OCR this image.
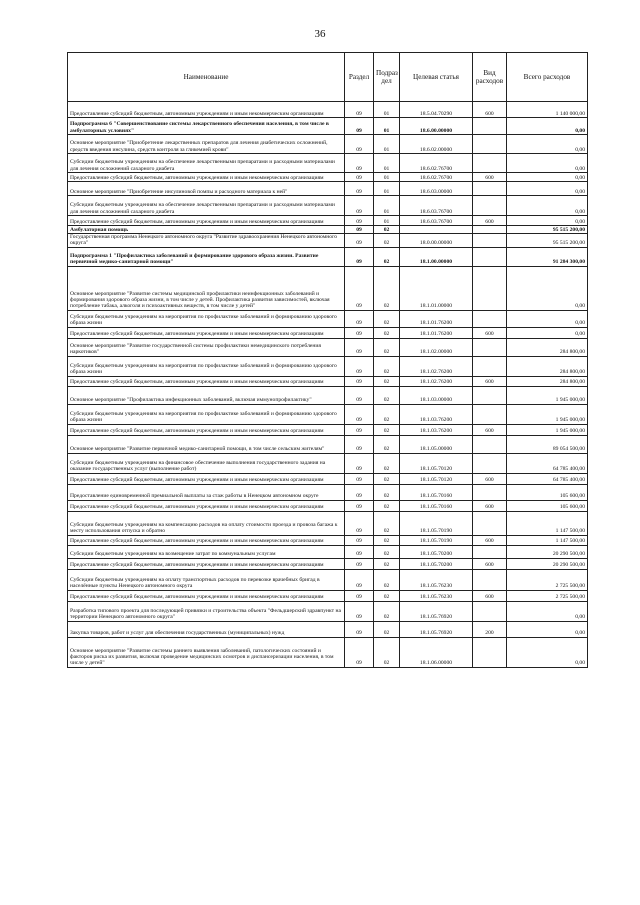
36
Наименование	Раздел	Подраз дел	Целевая статья	Вид расходов	Всего расходов
Предоставление субсидий бюджетным, автономным учреждениям и иным некоммерческим организациям	09	01	18.5.04.70290	600	1 140 000,00
Подпрограмма 6 "Совершенствование системы лекарственного обеспечения населения, в том числе в амбулаторных условиях"	09	01	18.6.00.00000		0,00
Основное мероприятие "Приобретение лекарственных препаратов для лечения диабетических осложнений, средств введения инсулина, средств контроля за гликемией крови"	09	01	18.6.02.00000		0,00
Субсидии бюджетным учреждениям на обеспечение лекарственными препаратами и расходными материалами для лечения осложнений сахарного диабета	09	01	18.6.02.76700		0,00
Предоставление субсидий бюджетным, автономным учреждениям и иным некоммерческим организациям	09	01	18.6.02.76700	600	0,00
Основное мероприятие "Приобретение инсулиновой помпы и расходного материала к ней"	09	01	18.6.03.00000		0,00
Субсидии бюджетным учреждениям на обеспечение лекарственными препаратами и расходными материалами для лечения осложнений сахарного диабета	09	01	18.6.03.76700		0,00
Предоставление субсидий бюджетным, автономным учреждениям и иным некоммерческим организациям	09	01	18.6.03.76700	600	0,00
Амбулаторная помощь	09	02			95 515 200,00
Государственная программа Ненецкого автономного округа "Развитие здравоохранения Ненецкого автономного округа"	09	02	18.0.00.00000		95 515 200,00
Подпрограмма 1 "Профилактика заболеваний и формирование здорового образа жизни. Развитие первичной медико-санитарной помощи"	09	02	18.1.00.00000		91 284 300,00
Основное мероприятие "Развитие системы медицинской профилактики неинфекционных заболеваний и формирования здорового образа жизни, в том числе у детей. Профилактика развития зависимостей, включая потребление табака, алкоголя и психоактивных веществ, в том числе у детей"	09	02	18.1.01.00000		0,00
Субсидии бюджетным учреждениям на мероприятия по профилактике заболеваний и формированию здорового образа жизни	09	02	18.1.01.76200		0,00
Предоставление субсидий бюджетным, автономным учреждениям и иным некоммерческим организациям	09	02	18.1.01.76200	600	0,00
Основное мероприятие "Развитие государственной системы профилактики немедицинского потребления наркотиков"	09	02	18.1.02.00000		284 800,00
Субсидии бюджетным учреждениям на мероприятия по профилактике заболеваний и формированию здорового образа жизни	09	02	18.1.02.76200		284 800,00
Предоставление субсидий бюджетным, автономным учреждениям и иным некоммерческим организациям	09	02	18.1.02.76200	600	284 800,00
Основное мероприятие "Профилактика инфекционных заболеваний, включая иммунопрофилактику"	09	02	18.1.03.00000		1 945 000,00
Субсидии бюджетным учреждениям на мероприятия по профилактике заболеваний и формированию здорового образа жизни	09	02	18.1.03.76200		1 945 000,00
Предоставление субсидий бюджетным, автономным учреждениям и иным некоммерческим организациям	09	02	18.1.03.76200	600	1 945 000,00
Основное мероприятие "Развитие первичной медико-санитарной помощи, в том числе сельским жителям"	09	02	18.1.05.00000		89 054 500,00
Субсидии бюджетным учреждениям на финансовое обеспечение выполнения государственного задания на оказание государственных услуг (выполнение работ)	09	02	18.1.05.70120		64 785 400,00
Предоставление субсидий бюджетным, автономным учреждениям и иным некоммерческим организациям	09	02	18.1.05.70120	600	64 785 400,00
Предоставление единовременной премиальной выплаты за стаж работы в Ненецком автономном округе	09	02	18.1.05.70160		105 600,00
Предоставление субсидий бюджетным, автономным учреждениям и иным некоммерческим организациям	09	02	18.1.05.70160	600	105 600,00
Субсидии бюджетным учреждениям на компенсацию расходов на оплату стоимости проезда и провоза багажа к месту использования отпуска и обратно	09	02	18.1.05.70190		1 147 500,00
Предоставление субсидий бюджетным, автономным учреждениям и иным некоммерческим организациям	09	02	18.1.05.70190	600	1 147 500,00
Субсидии бюджетным учреждениям на возмещение затрат по коммунальным услугам	09	02	18.1.05.70200		20 290 500,00
Предоставление субсидий бюджетным, автономным учреждениям и иным некоммерческим организациям	09	02	18.1.05.70200	600	20 290 500,00
Субсидии бюджетным учреждениям на оплату транспортных расходов по перевозке врачебных бригад в населённые пункты Ненецкого автономного округа	09	02	18.1.05.76230		2 725 500,00
Предоставление субсидий бюджетным, автономным учреждениям и иным некоммерческим организациям	09	02	18.1.05.76230	600	2 725 500,00
Разработка типового проекта для последующей привязки и строительства объекта "Фельдшерский здравпункт на территории Ненецкого автономного округа"	09	02	18.1.05.76920		0,00
Закупка товаров, работ и услуг для обеспечения государственных (муниципальных) нужд	09	02	18.1.05.76920	200	0,00
Основное мероприятие "Развитие системы раннего выявления заболеваний, патологических состояний и факторов риска их развития, включая проведение медицинских осмотров и диспансеризации населения, в том числе у детей"	09	02	18.1.06.00000		0,00
